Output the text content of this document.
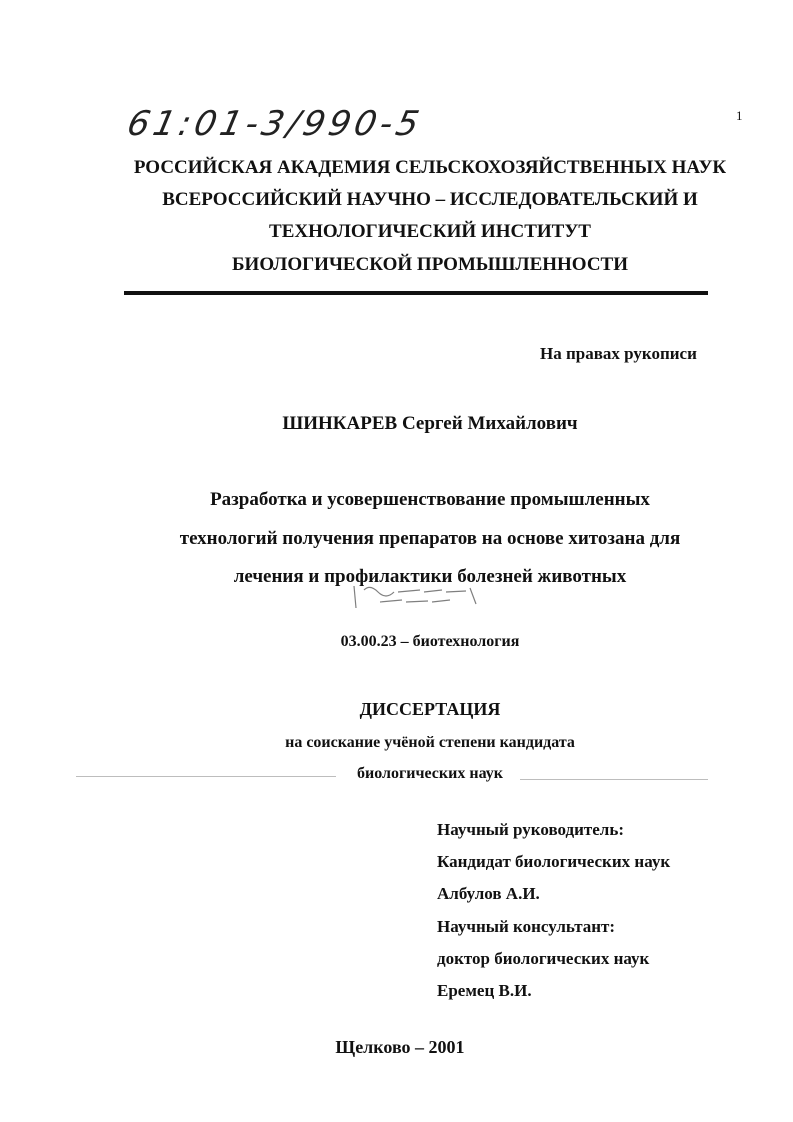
61:01-3/990-5	1
РОССИЙСКАЯ АКАДЕМИЯ СЕЛЬСКОХОЗЯЙСТВЕННЫХ НАУК
ВСЕРОССИЙСКИЙ НАУЧНО – ИССЛЕДОВАТЕЛЬСКИЙ И
ТЕХНОЛОГИЧЕСКИЙ ИНСТИТУТ
БИОЛОГИЧЕСКОЙ ПРОМЫШЛЕННОСТИ
На правах рукописи
ШИНКАРЕВ Сергей Михайлович
Разработка и усовершенствование промышленных
технологий получения препаратов на основе хитозана для
лечения и профилактики болезней животных
03.00.23 – биотехнология
ДИССЕРТАЦИЯ
на соискание учёной степени кандидата
биологических наук
Научный руководитель:
Кандидат биологических наук
Албулов А.И.
Научный консультант:
доктор биологических наук
Еремец В.И.
Щелково – 2001
